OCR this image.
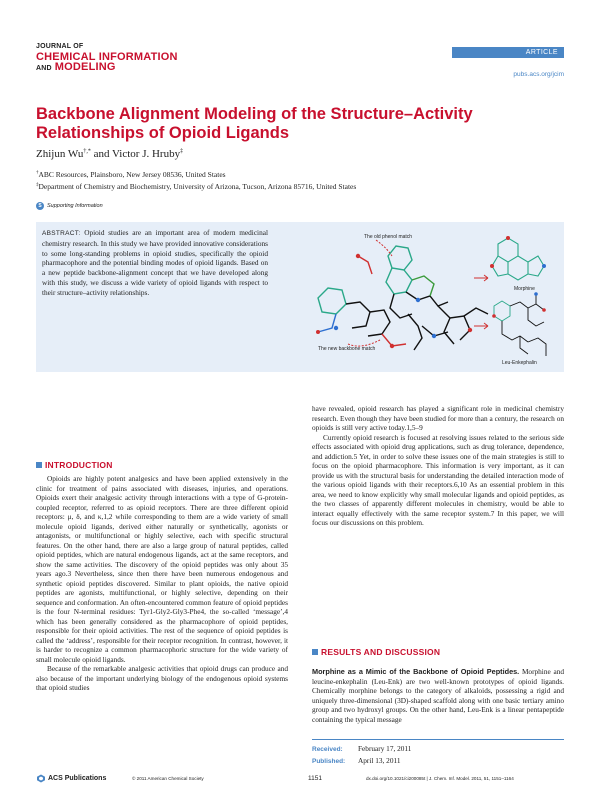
JOURNAL OF
CHEMICAL INFORMATION
AND MODELING
ARTICLE
pubs.acs.org/jcim
Backbone Alignment Modeling of the Structure–Activity Relationships of Opioid Ligands
Zhijun Wu†,* and Victor J. Hruby‡
†ABC Resources, Plainsboro, New Jersey 08536, United States
‡Department of Chemistry and Biochemistry, University of Arizona, Tucson, Arizona 85716, United States
S Supporting Information
ABSTRACT: Opioid studies are an important area of modern medicinal chemistry research. In this study we have provided innovative considerations to some long-standing problems in opioid studies, specifically the opioid pharmacophore and the potential binding modes of opioid ligands. Based on a new peptide backbone-alignment concept that we have developed along with this study, we discuss a wide variety of opioid ligands with respect to their structure–activity relationships.
The old phenol match
The new backbone match
Morphine
Leu-Enkephalin
INTRODUCTION

Opioids are highly potent analgesics and have been applied extensively in the clinic for treatment of pains associated with diseases, injuries, and operations. Opioids exert their analgesic activity through interactions with a type of G-protein-coupled receptor, referred to as opioid receptors. There are three different opioid receptors: μ, δ, and κ,1,2 while corresponding to them are a wide variety of small molecule opioid ligands, derived either naturally or synthetically, agonists or antagonists, or multifunctional or highly selective, each with specific structural features. On the other hand, there are also a large group of natural peptides, called opioid peptides, which are natural endogenous ligands, act at the same receptors, and show the same activities. The discovery of the opioid peptides was only about 35 years ago.3 Nevertheless, since then there have been numerous endogenous and synthetic opioid peptides discovered. Similar to plant opioids, the native opioid peptides are agonists, multifunctional, or highly selective, depending on their sequence and conformation. An often-encountered common feature of opioid peptides is the four N-terminal residues: Tyr1-Gly2-Gly3-Phe4, the so-called ‘message’,4 which has been generally considered as the pharmacophore of opioid peptides, responsible for their opioid activities. The rest of the sequence of opioid peptides is called the ‘address’, responsible for their receptor recognition. In contrast, however, it is harder to recognize a common pharmacophoric structure for the wide variety of small molecule opioid ligands.

Because of the remarkable analgesic activities that opioid drugs can produce and also because of the important underlying biology of the endogenous opioid systems that opioid studies

have revealed, opioid research has played a significant role in medicinal chemistry research. Even though they have been studied for more than a century, the research on opioids is still very active today.1,5–9

Currently opioid research is focused at resolving issues related to the serious side effects associated with opioid drug applications, such as drug tolerance, dependence, and addiction.5 Yet, in order to solve these issues one of the main strategies is still to focus on the opioid pharmacophore. This information is very important, as it can provide us with the structural basis for understanding the detailed interaction mode of the various opioid ligands with their receptors.6,10 As an essential problem in this area, we need to know explicitly why small molecular ligands and opioid peptides, as the two classes of apparently different molecules in chemistry, would be able to interact equally effectively with the same receptor system.7 In this paper, we will focus our discussions on this problem.

RESULTS AND DISCUSSION

Morphine as a Mimic of the Backbone of Opioid Peptides. Morphine and leucine-enkephalin (Leu-Enk) are two well-known prototypes of opioid ligands. Chemically morphine belongs to the category of alkaloids, possessing a rigid and uniquely three-dimensional (3D)-shaped scaffold along with one basic tertiary amino group and two hydroxyl groups. On the other hand, Leu-Enk is a linear pentapeptide containing the typical message

Received: February 17, 2011
Published: April 13, 2011
ACS Publications	© 2011 American Chemical Society	1151	dx.doi.org/10.1021/ci200085t | J. Chem. Inf. Model. 2011, 51, 1151–1164
